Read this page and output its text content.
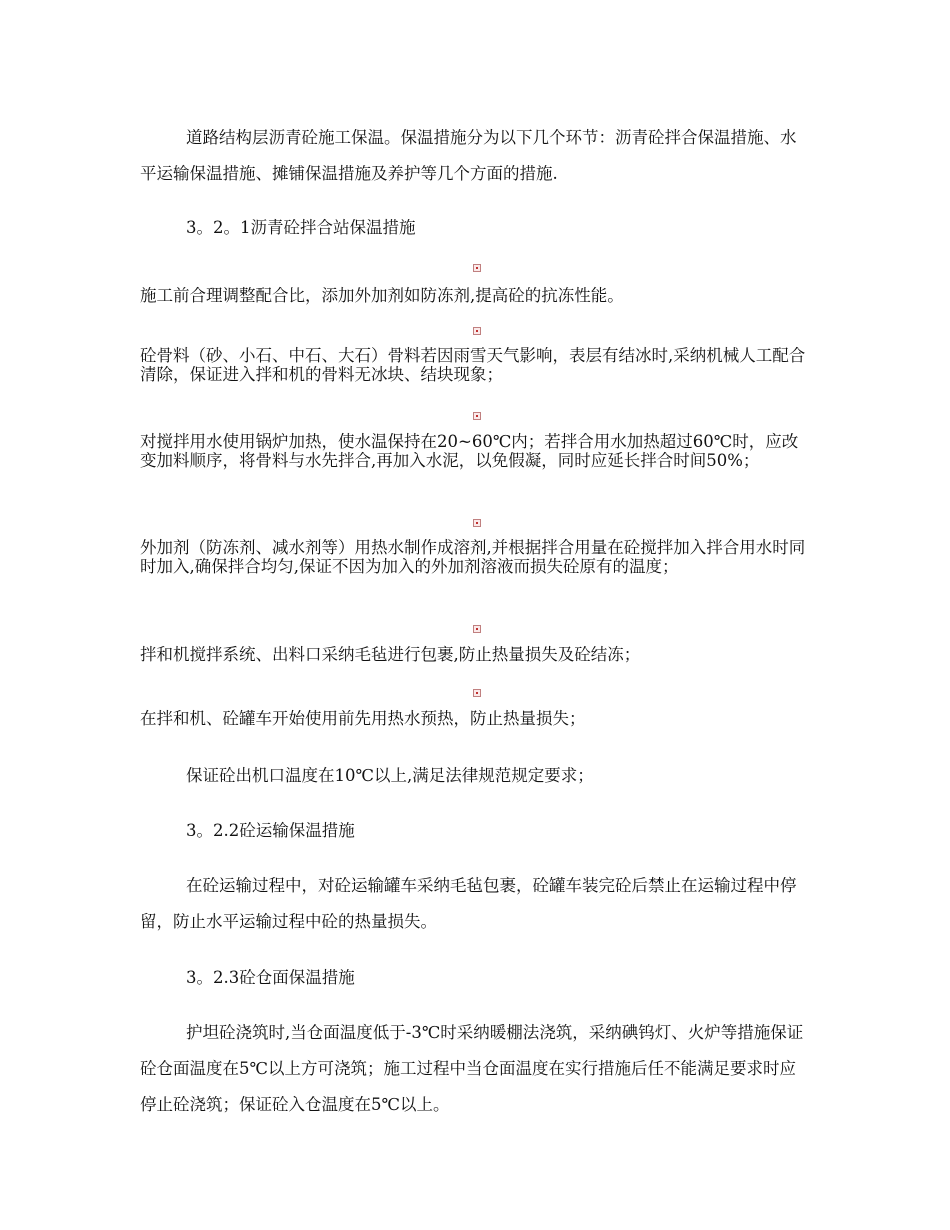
道路结构层沥青砼施工保温。保温措施分为以下几个环节：沥青砼拌合保温措施、水平运输保温措施、摊铺保温措施及养护等几个方面的措施.

3。2。1沥青砼拌合站保温措施

施工前合理调整配合比，添加外加剂如防冻剂,提高砼的抗冻性能。

砼骨料（砂、小石、中石、大石）骨料若因雨雪天气影响，表层有结冰时,采纳机械人工配合清除，保证进入拌和机的骨料无冰块、结块现象；

对搅拌用水使用锅炉加热，使水温保持在20~60℃内；若拌合用水加热超过60℃时，应改变加料顺序，将骨料与水先拌合,再加入水泥，以免假凝，同时应延长拌合时间50%；

外加剂（防冻剂、减水剂等）用热水制作成溶剂,并根据拌合用量在砼搅拌加入拌合用水时同时加入,确保拌合均匀,保证不因为加入的外加剂溶液而损失砼原有的温度；

拌和机搅拌系统、出料口采纳毛毡进行包裹,防止热量损失及砼结冻；

在拌和机、砼罐车开始使用前先用热水预热，防止热量损失；

保证砼出机口温度在10℃以上,满足法律规范规定要求；

3。2.2砼运输保温措施

在砼运输过程中，对砼运输罐车采纳毛毡包裹，砼罐车装完砼后禁止在运输过程中停留，防止水平运输过程中砼的热量损失。

3。2.3砼仓面保温措施

护坦砼浇筑时,当仓面温度低于-3℃时采纳暖棚法浇筑，采纳碘钨灯、火炉等措施保证砼仓面温度在5℃以上方可浇筑；施工过程中当仓面温度在实行措施后任不能满足要求时应停止砼浇筑；保证砼入仓温度在5℃以上。
